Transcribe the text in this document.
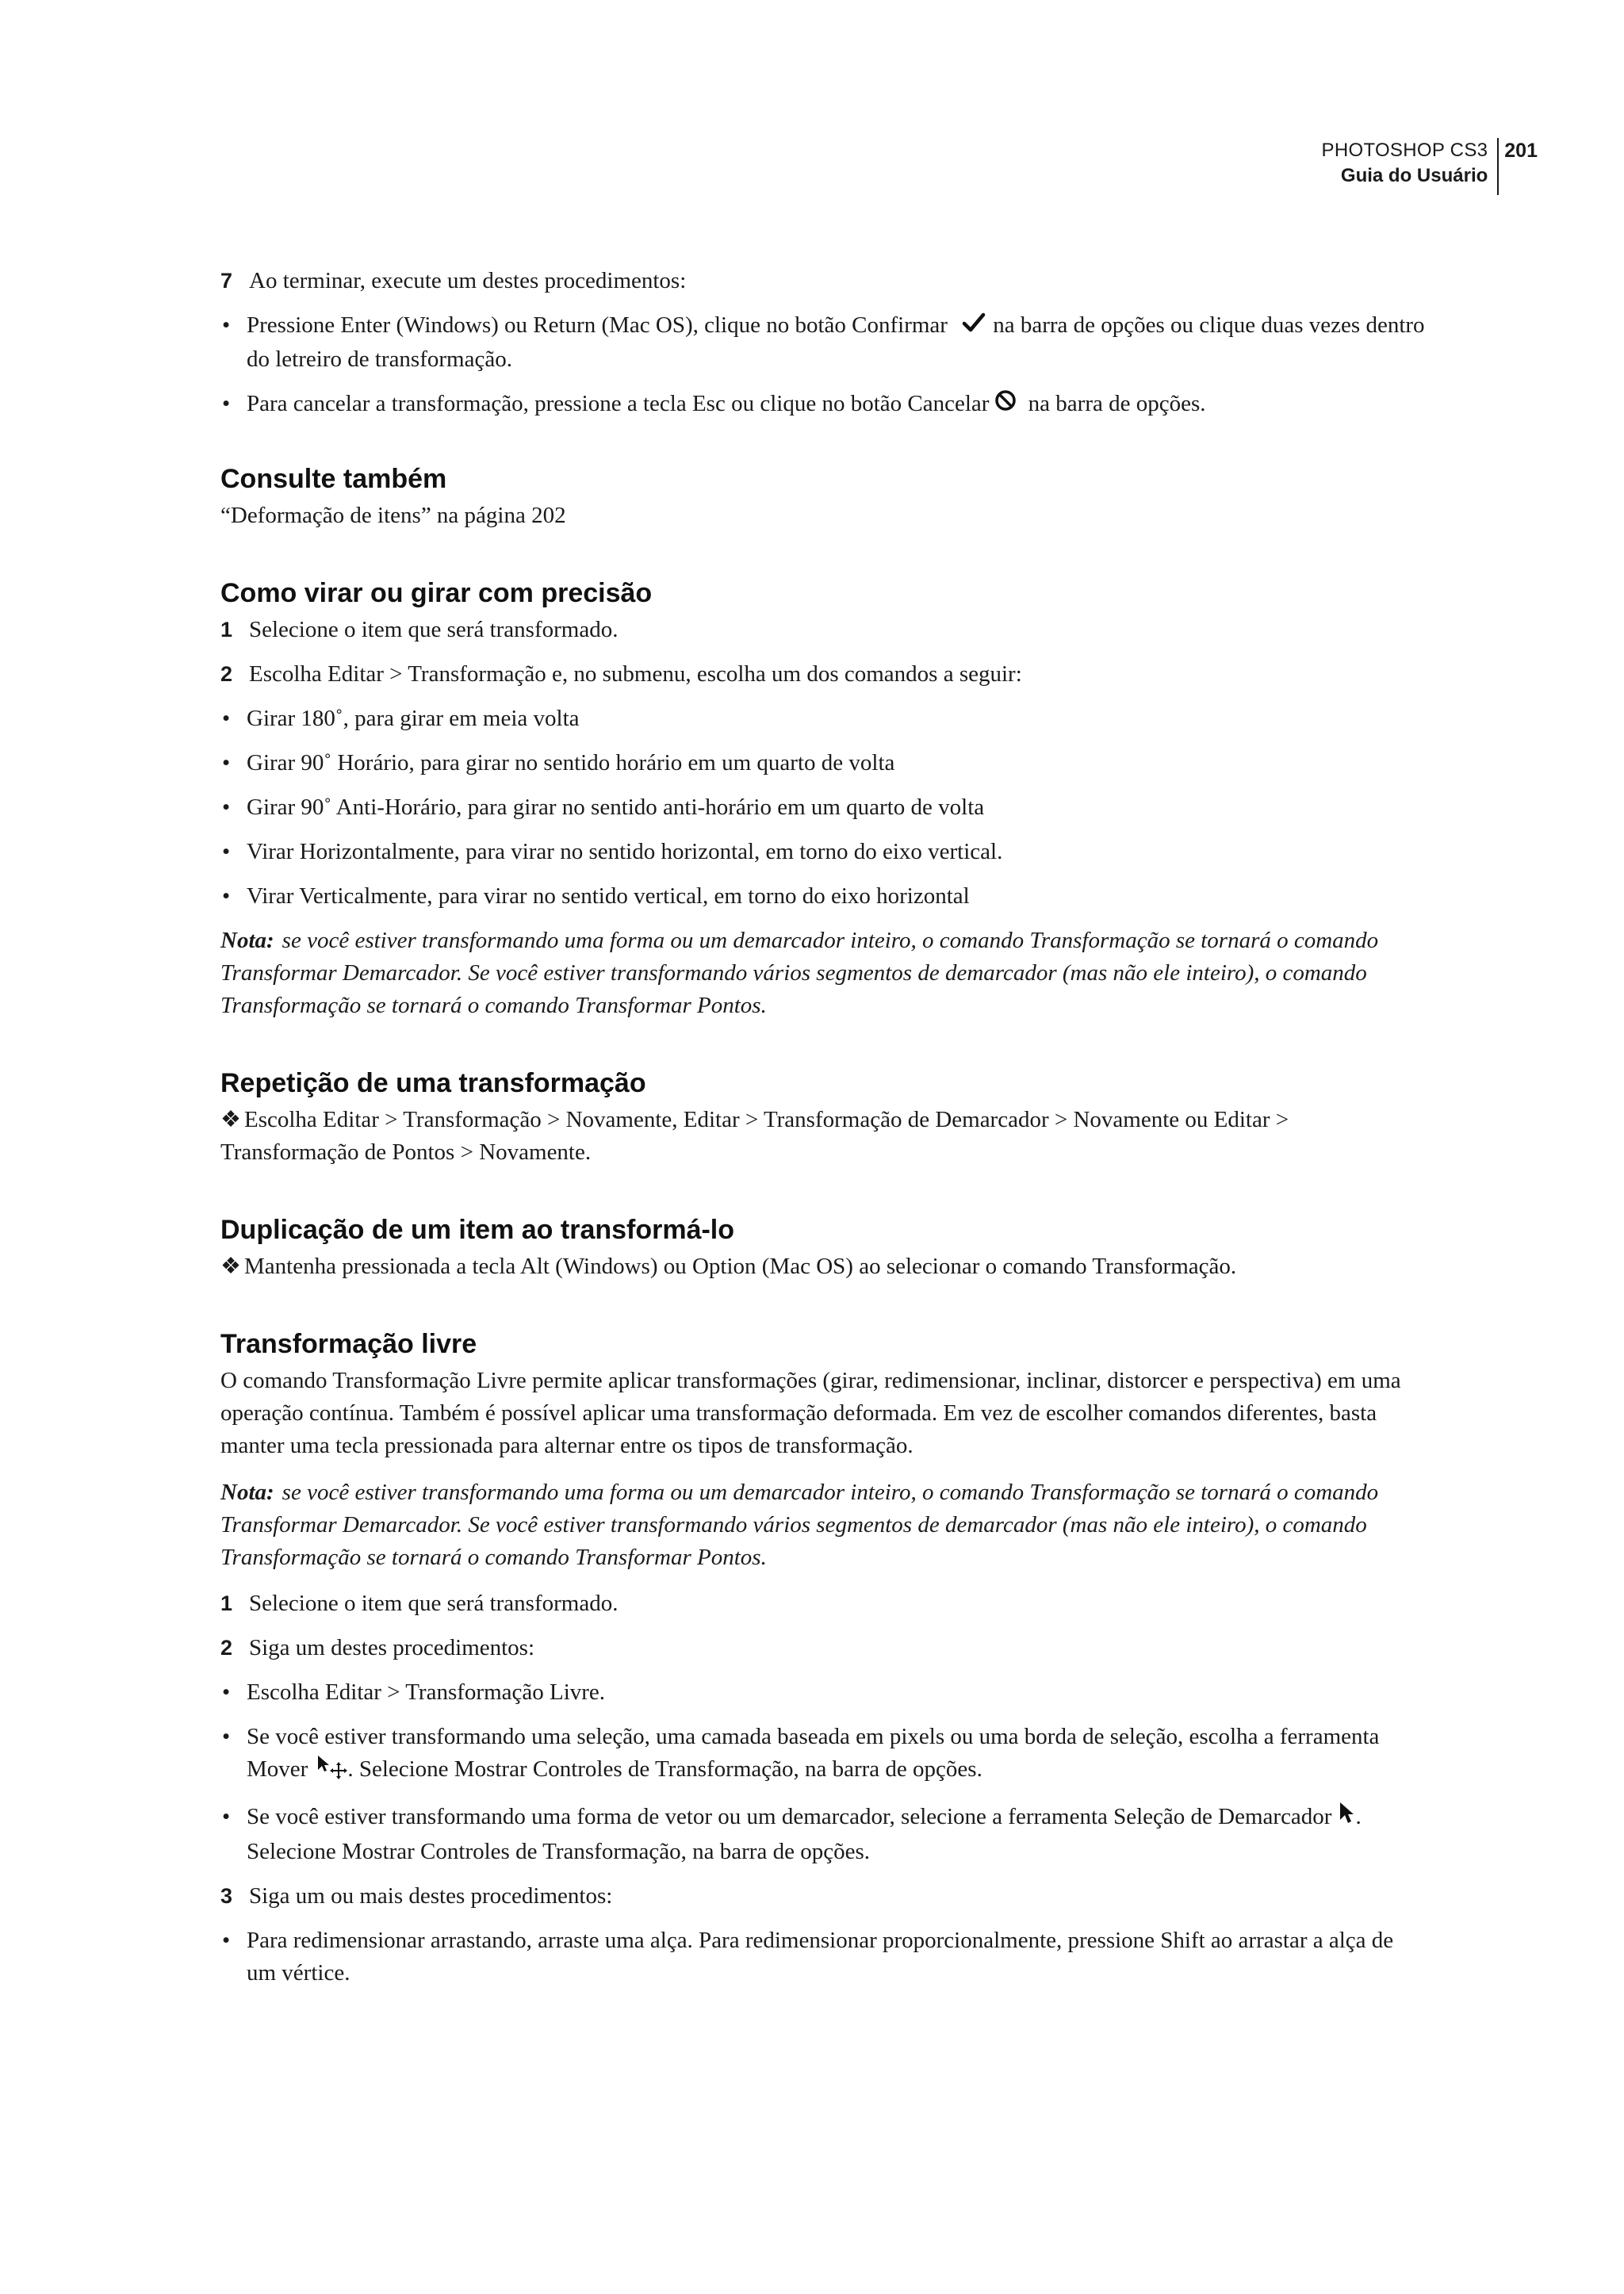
PHOTOSHOP CS3
Guia do Usuário
201
7 Ao terminar, execute um destes procedimentos:
• Pressione Enter (Windows) ou Return (Mac OS), clique no botão Confirmar na barra de opções ou clique duas vezes dentro do letreiro de transformação.
• Para cancelar a transformação, pressione a tecla Esc ou clique no botão Cancelar na barra de opções.
Consulte também

“Deformação de itens” na página 202

Como virar ou girar com precisão
1 Selecione o item que será transformado.
2 Escolha Editar > Transformação e, no submenu, escolha um dos comandos a seguir:
• Girar 180˚, para girar em meia volta
• Girar 90˚ Horário, para girar no sentido horário em um quarto de volta
• Girar 90˚ Anti-Horário, para girar no sentido anti-horário em um quarto de volta
• Virar Horizontalmente, para virar no sentido horizontal, em torno do eixo vertical.
• Virar Verticalmente, para virar no sentido vertical, em torno do eixo horizontal

Nota: se você estiver transformando uma forma ou um demarcador inteiro, o comando Transformação se tornará o comando Transformar Demarcador. Se você estiver transformando vários segmentos de demarcador (mas não ele inteiro), o comando Transformação se tornará o comando Transformar Pontos.

Repetição de uma transformação

❖ Escolha Editar > Transformação > Novamente, Editar > Transformação de Demarcador > Novamente ou Editar > Transformação de Pontos > Novamente.

Duplicação de um item ao transformá-lo

❖ Mantenha pressionada a tecla Alt (Windows) ou Option (Mac OS) ao selecionar o comando Transformação.

Transformação livre

O comando Transformação Livre permite aplicar transformações (girar, redimensionar, inclinar, distorcer e perspectiva) em uma operação contínua. Também é possível aplicar uma transformação deformada. Em vez de escolher comandos diferentes, basta manter uma tecla pressionada para alternar entre os tipos de transformação.

Nota: se você estiver transformando uma forma ou um demarcador inteiro, o comando Transformação se tornará o comando Transformar Demarcador. Se você estiver transformando vários segmentos de demarcador (mas não ele inteiro), o comando Transformação se tornará o comando Transformar Pontos.

1 Selecione o item que será transformado.
2 Siga um destes procedimentos:
• Escolha Editar > Transformação Livre.
• Se você estiver transformando uma seleção, uma camada baseada em pixels ou uma borda de seleção, escolha a ferramenta Mover . Selecione Mostrar Controles de Transformação, na barra de opções.
• Se você estiver transformando uma forma de vetor ou um demarcador, selecione a ferramenta Seleção de Demarcador . Selecione Mostrar Controles de Transformação, na barra de opções.
3 Siga um ou mais destes procedimentos:
• Para redimensionar arrastando, arraste uma alça. Para redimensionar proporcionalmente, pressione Shift ao arrastar a alça de um vértice.
